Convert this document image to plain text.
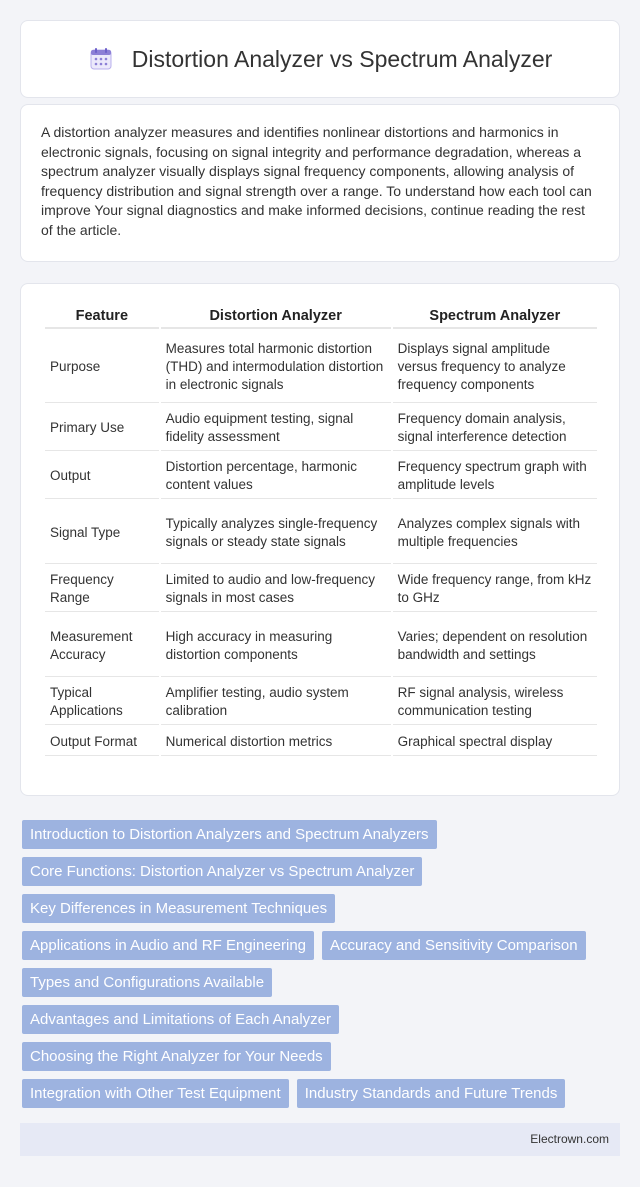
Distortion Analyzer vs Spectrum Analyzer

A distortion analyzer measures and identifies nonlinear distortions and harmonics in electronic signals, focusing on signal integrity and performance degradation, whereas a spectrum analyzer visually displays signal frequency components, allowing analysis of frequency distribution and signal strength over a range. To understand how each tool can improve Your signal diagnostics and make informed decisions, continue reading the rest of the article.

Feature	Distortion Analyzer	Spectrum Analyzer
Purpose	Measures total harmonic distortion (THD) and intermodulation distortion in electronic signals	Displays signal amplitude versus frequency to analyze frequency components
Primary Use	Audio equipment testing, signal fidelity assessment	Frequency domain analysis, signal interference detection
Output	Distortion percentage, harmonic content values	Frequency spectrum graph with amplitude levels
Signal Type	Typically analyzes single-frequency signals or steady state signals	Analyzes complex signals with multiple frequencies
Frequency Range	Limited to audio and low-frequency signals in most cases	Wide frequency range, from kHz to GHz
Measurement Accuracy	High accuracy in measuring distortion components	Varies; dependent on resolution bandwidth and settings
Typical Applications	Amplifier testing, audio system calibration	RF signal analysis, wireless communication testing
Output Format	Numerical distortion metrics	Graphical spectral display
Introduction to Distortion Analyzers and Spectrum Analyzers
Core Functions: Distortion Analyzer vs Spectrum Analyzer
Key Differences in Measurement Techniques
Applications in Audio and RF Engineering	Accuracy and Sensitivity Comparison
Types and Configurations Available
Advantages and Limitations of Each Analyzer
Choosing the Right Analyzer for Your Needs
Integration with Other Test Equipment	Industry Standards and Future Trends
Electrown.com
